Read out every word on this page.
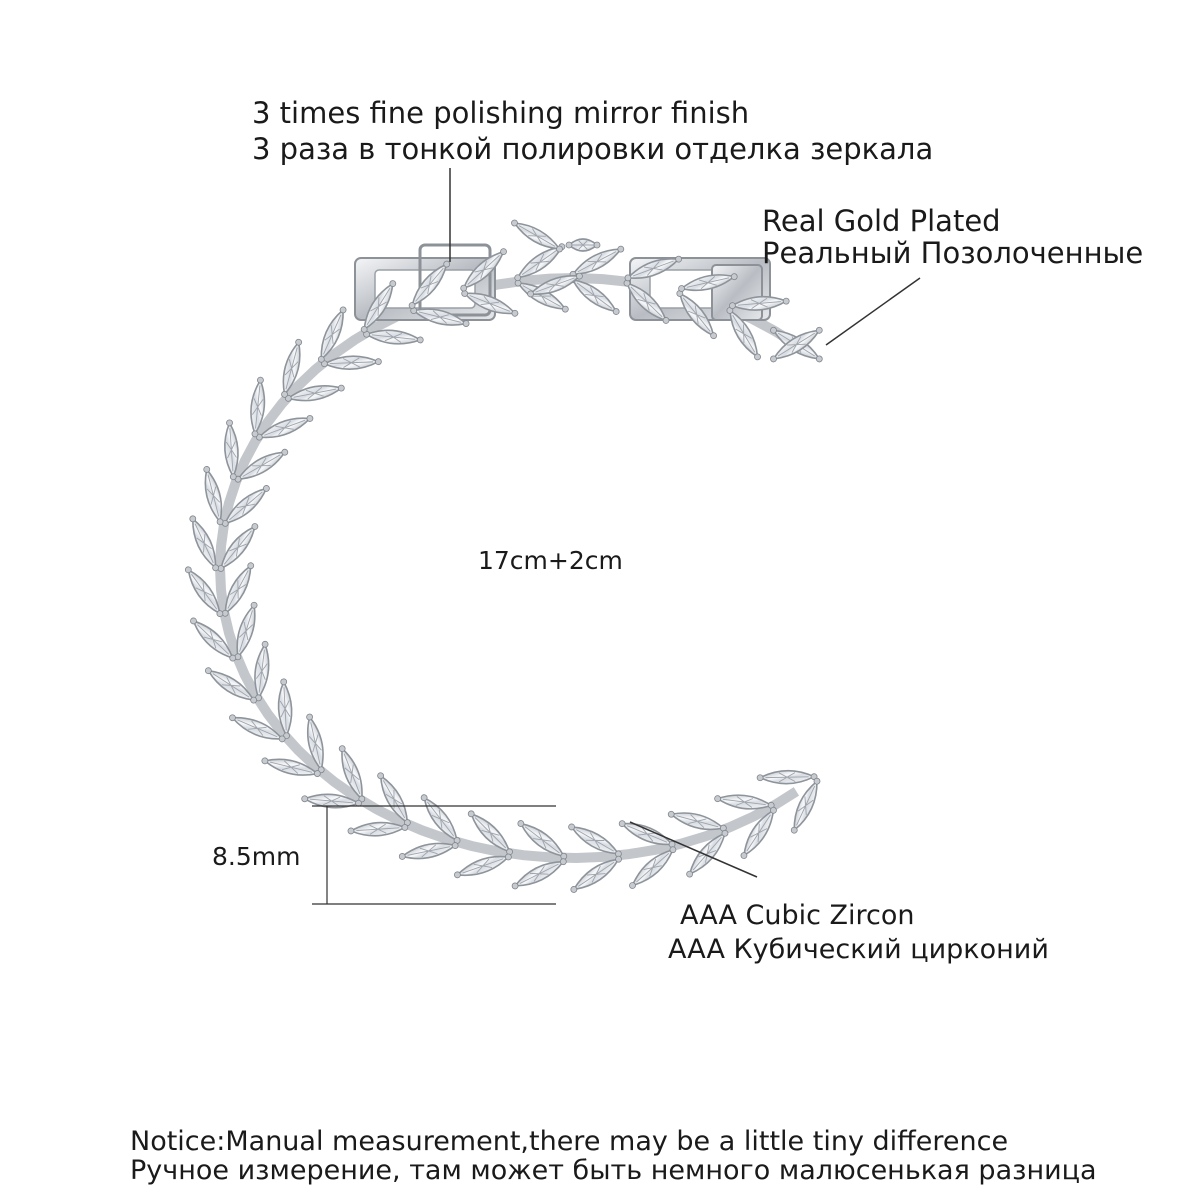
3 times fine polishing mirror finish
3 раза в тонкой полировки отделка зеркала
Real Gold Plated
Реальный Позолоченные
17cm+2cm
8.5mm
AAA Cubic Zircon
AAA Кубический цирконий
Notice:Manual measurement,there may be a little tiny difference
Ручное измерение, там может быть немного малюсенькая разница
